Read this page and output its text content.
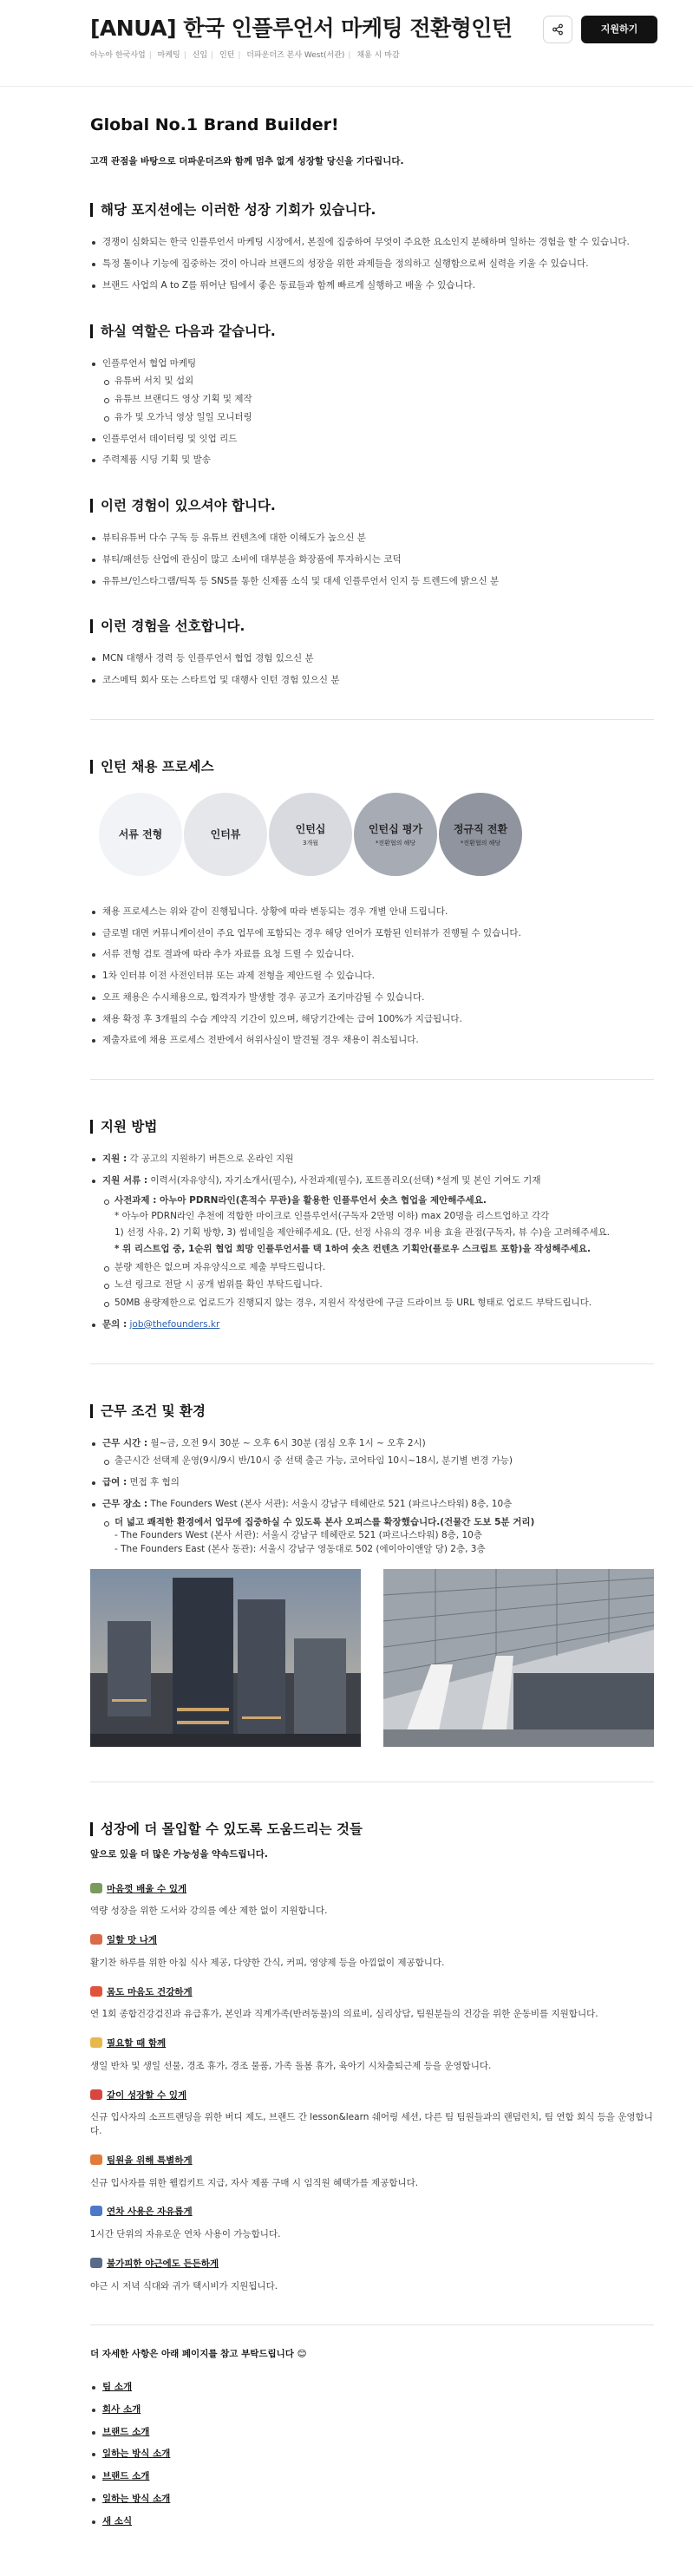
[ANUA] 한국 인플루언서 마케팅 전환형인턴
아누아 한국사업 | 마케팅 | 신입 | 인턴 | 더파운더즈 본사 West(서관) | 채용 시 마감
지원하기
Global No.1 Brand Builder!
고객 관점을 바탕으로 더파운더즈와 함께 멈추 없게 성장할 당신을 기다립니다.
해당 포지션에는 이러한 성장 기회가 있습니다.
경쟁이 심화되는 한국 인플루언서 마케팅 시장에서, 본질에 집중하여 무엇이 주요한 요소인지 분해하며 일하는 경험을 할 수 있습니다.
특정 툴이나 기능에 집중하는 것이 아니라 브랜드의 성장을 위한 과제들을 정의하고 실행함으로써 실력을 키울 수 있습니다.
브랜드 사업의 A to Z를 뛰어난 팀에서 좋은 동료들과 함께 빠르게 실행하고 배울 수 있습니다.
하실 역할은 다음과 같습니다.
인플루언서 협업 마케팅
유튜버 서치 및 섭외
유튜브 브랜디드 영상 기획 및 제작
유가 및 오가닉 영상 일일 모니터링
인플루언서 데이터링 및 잇업 리드
주력제품 시딩 기획 및 발송
이런 경험이 있으셔야 합니다.
뷰티유튜버 다수 구독 등 유튜브 컨텐츠에 대한 이해도가 높으신 분
뷰티/패션등 산업에 관심이 많고 소비에 대부분을 화장품에 투자하시는 코덕
유튜브/인스타그램/틱톡 등 SNS를 통한 신제품 소식 및 대세 인플루언서 인지 등 트렌드에 밝으신 분
이런 경험을 선호합니다.
MCN 대행사 경력 등 인플루언서 협업 경험 있으신 분
코스메틱 회사 또는 스타트업 및 대행사 인턴 경험 있으신 분
인턴 채용 프로세스
서류 전형	인터뷰	인턴십
3개월
인턴십 평가
*전환협의 해당
정규직 전환
*전환협의 해당
채용 프로세스는 위와 같이 진행됩니다. 상황에 따라 변동되는 경우 개별 안내 드립니다.
글로벌 대면 커뮤니케이션이 주요 업무에 포함되는 경우 해당 언어가 포함된 인터뷰가 진행될 수 있습니다.
서류 전형 검토 결과에 따라 추가 자료를 요청 드릴 수 있습니다.
1차 인터뷰 이전 사전인터뷰 또는 과제 전형을 제안드릴 수 있습니다.
오프 채용은 수시채용으로, 합격자가 발생할 경우 공고가 조기마감될 수 있습니다.
채용 확정 후 3개월의 수습 계약직 기간이 있으며, 해당기간에는 급여 100%가 지급됩니다.
제출자료에 채용 프로세스 전반에서 허위사실이 발견될 경우 채용이 취소됩니다.
지원 방법
지원 : 각 공고의 지원하기 버튼으로 온라인 지원
지원 서류 : 이력서(자유양식), 자기소개서(필수), 사전과제(필수), 포트폴리오(선택) *설계 및 본인 기여도 기재
사전과제 : 아누아 PDRN라인(흔적수 무관)을 활용한 인플루언서 숏츠 협업을 제안해주세요.
* 아누아 PDRN라인 추천에 적합한 마이크로 인플루언서(구독자 2만명 이하) max 20명을 리스트업하고 각각
1) 선정 사유, 2) 기획 방향, 3) 썸네일을 제안해주세요. (단, 선정 사유의 경우 비용 효율 관점(구독자, 뷰 수)을 고려해주세요.
* 위 리스트업 중, 1순위 협업 희망 인플루언서를 택 1하여 숏츠 컨텐츠 기획안(플로우 스크립트 포함)을 작성해주세요.
분량 제한은 없으며 자유양식으로 제출 부탁드립니다.
노션 링크로 전달 시 공개 범위를 확인 부탁드립니다.
50MB 용량제한으로 업로드가 진행되지 않는 경우, 지원서 작성란에 구글 드라이브 등 URL 형태로 업로드 부탁드립니다.
문의 : job@thefounders.kr
근무 조건 및 환경
근무 시간 : 월~금, 오전 9시 30분 ~ 오후 6시 30분 (점심 오후 1시 ~ 오후 2시)
출근시간 선택제 운영(9시/9시 반/10시 중 선택 출근 가능, 코어타임 10시~18시, 분기별 변경 가능)
급여 : 면접 후 협의
근무 장소 : The Founders West (본사 서관): 서울시 강남구 테헤란로 521 (파르나스타워) 8층, 10층
더 넓고 쾌적한 환경에서 업무에 집중하실 수 있도록 본사 오피스를 확장했습니다.(건물간 도보 5분 거리)
- The Founders West (본사 서관): 서울시 강남구 테헤란로 521 (파르나스타워) 8층, 10층
- The Founders East (본사 동관): 서울시 강남구 영동대로 502 (에이아이앤알 당) 2층, 3층
성장에 더 몰입할 수 있도록 도움드리는 것들
앞으로 있을 더 많은 가능성을 약속드립니다.
마음껏 배울 수 있게
역량 성장을 위한 도서와 강의를 예산 제한 없이 지원합니다.
일할 맛 나게
활기찬 하루를 위한 아침 식사 제공, 다양한 간식, 커피, 영양제 등을 아낌없이 제공합니다.
몸도 마음도 건강하게
연 1회 종합건강검진과 유급휴가, 본인과 직계가족(반려동물)의 의료비, 심리상담, 팀원분들의 건강을 위한 운동비를 지원합니다.
필요할 때 함께
생일 반차 및 생일 선물, 경조 휴가, 경조 물품, 가족 돌봄 휴가, 육아기 시차출퇴근제 등을 운영합니다.
같이 성장할 수 있게
신규 입사자의 소프트랜딩을 위한 버디 제도, 브랜드 간 lesson&learn 쉐어링 세션, 다른 팀 팀원들과의 랜덤런치, 팀 연합 회식 등을 운영합니다.
팀원을 위해 특별하게
신규 입사자를 위한 웰컴키트 지급, 자사 제품 구매 시 임직원 혜택가를 제공합니다.
연차 사용은 자유롭게
1시간 단위의 자유로운 연차 사용이 가능합니다.
불가피한 야근에도 든든하게
야근 시 저녁 식대와 귀가 택시비가 지원됩니다.
더 자세한 사항은 아래 페이지를 참고 부탁드립니다 😊
팀 소개
회사 소개
브랜드 소개
일하는 방식 소개
브랜드 소개
일하는 방식 소개
새 소식
